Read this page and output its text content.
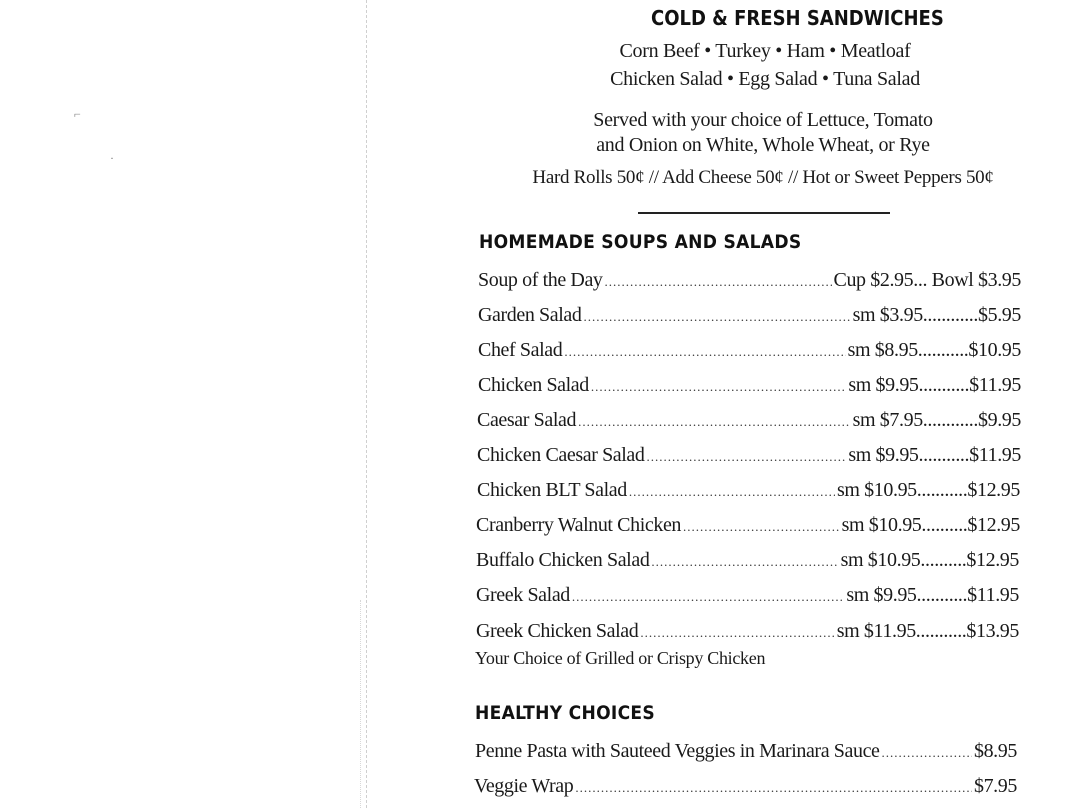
⌐
·
COLD & FRESH SANDWICHES
Corn Beef • Turkey • Ham • Meatloaf
Chicken Salad • Egg Salad • Tuna Salad
Served with your choice of Lettuce, Tomato
and Onion on White, Whole Wheat, or Rye
Hard Rolls 50¢ // Add Cheese 50¢ // Hot or Sweet Peppers 50¢
HOMEMADE SOUPS AND SALADS
Soup of the Day .....	Cup $2.95... Bowl $3.95
Garden Salad .....	sm $3.95............$5.95
Chef Salad .....	sm $8.95...........$10.95
Chicken Salad .....	sm $9.95...........$11.95
Caesar Salad .....	sm $7.95............$9.95
Chicken Caesar Salad .....	sm $9.95...........$11.95
Chicken BLT Salad .....	sm $10.95...........$12.95
Cranberry Walnut Chicken .....	sm $10.95..........$12.95
Buffalo Chicken Salad .....	sm $10.95..........$12.95
Greek Salad .....	sm $9.95...........$11.95
Greek Chicken Salad .....	sm $11.95...........$13.95
Your Choice of Grilled or Crispy Chicken
HEALTHY CHOICES
Penne Pasta with Sauteed Veggies in Marinara Sauce .....	$8.95
Veggie Wrap .....	$7.95
